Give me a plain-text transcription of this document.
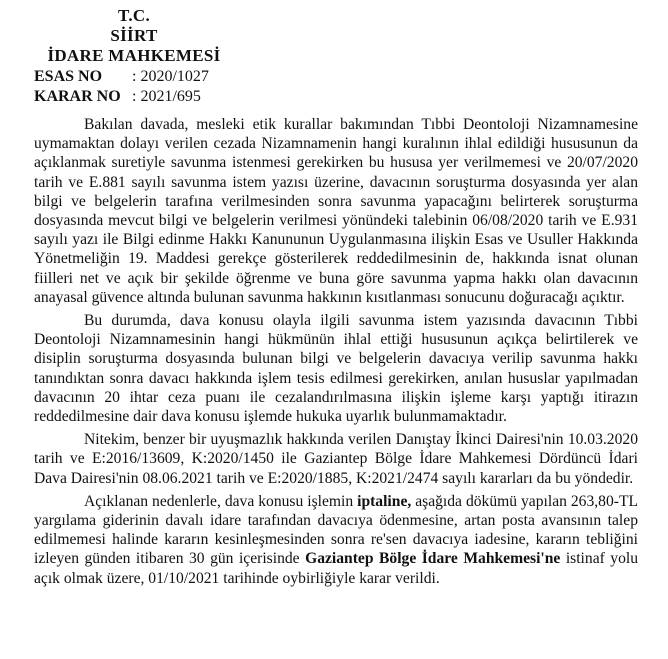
T.C.
SİİRT
İDARE MAHKEMESİ
ESAS NO : 2020/1027
KARAR NO : 2021/695

Bakılan davada, mesleki etik kurallar bakımından Tıbbi Deontoloji Nizamnamesine uymamaktan dolayı verilen cezada Nizamnamenin hangi kuralının ihlal edildiği hususunun da açıklanmak suretiyle savunma istenmesi gerekirken bu hususa yer verilmemesi ve 20/07/2020 tarih ve E.881 sayılı savunma istem yazısı üzerine, davacının soruşturma dosyasında yer alan bilgi ve belgelerin tarafına verilmesinden sonra savunma yapacağını belirterek soruşturma dosyasında mevcut bilgi ve belgelerin verilmesi yönündeki talebinin 06/08/2020 tarih ve E.931 sayılı yazı ile Bilgi edinme Hakkı Kanununun Uygulanmasına ilişkin Esas ve Usuller Hakkında Yönetmeliğin 19. Maddesi gerekçe gösterilerek reddedilmesinin de, hakkında isnat olunan fiilleri net ve açık bir şekilde öğrenme ve buna göre savunma yapma hakkı olan davacının anayasal güvence altında bulunan savunma hakkının kısıtlanması sonucunu doğuracağı açıktır.

Bu durumda, dava konusu olayla ilgili savunma istem yazısında davacının Tıbbi Deontoloji Nizamnamesinin hangi hükmünün ihlal ettiği hususunun açıkça belirtilerek ve disiplin soruşturma dosyasında bulunan bilgi ve belgelerin davacıya verilip savunma hakkı tanındıktan sonra davacı hakkında işlem tesis edilmesi gerekirken, anılan hususlar yapılmadan davacının 20 ihtar ceza puanı ile cezalandırılmasına ilişkin işleme karşı yaptığı itirazın reddedilmesine dair dava konusu işlemde hukuka uyarlık bulunmamaktadır.

Nitekim, benzer bir uyuşmazlık hakkında verilen Danıştay İkinci Dairesi'nin 10.03.2020 tarih ve E:2016/13609, K:2020/1450 ile Gaziantep Bölge İdare Mahkemesi Dördüncü İdari Dava Dairesi'nin 08.06.2021 tarih ve E:2020/1885, K:2021/2474 sayılı kararları da bu yöndedir.

Açıklanan nedenlerle, dava konusu işlemin iptaline, aşağıda dökümü yapılan 263,80-TL yargılama giderinin davalı idare tarafından davacıya ödenmesine, artan posta avansının talep edilmemesi halinde kararın kesinleşmesinden sonra re'sen davacıya iadesine, kararın tebliğini izleyen günden itibaren 30 gün içerisinde Gaziantep Bölge İdare Mahkemesi'ne istinaf yolu açık olmak üzere, 01/10/2021 tarihinde oybirliğiyle karar verildi.
